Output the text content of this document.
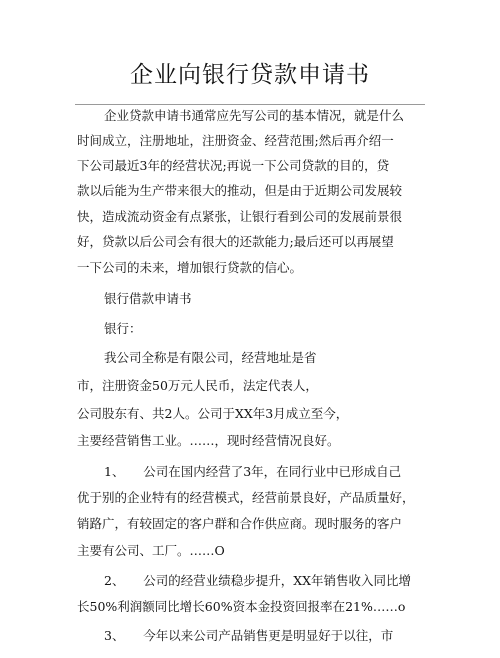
企业向银行贷款申请书
企业贷款申请书通常应先写公司的基本情况，就是什么
时间成立，注册地址，注册资金、经营范围;然后再介绍一
下公司最近3年的经营状况;再说一下公司贷款的目的，贷
款以后能为生产带来很大的推动，但是由于近期公司发展较
快，造成流动资金有点紧张，让银行看到公司的发展前景很
好，贷款以后公司会有很大的还款能力;最后还可以再展望
一下公司的未来，增加银行贷款的信心。
银行借款申请书
银行：
我公司全称是有限公司，经营地址是省
市，注册资金50万元人民币，法定代表人，
公司股东有、共2人。公司于XX年3月成立至今，
主要经营销售工业。……，现时经营情况良好。
1、　　公司在国内经营了3年，在同行业中已形成自己
优于别的企业特有的经营模式，经营前景良好，产品质量好，
销路广，有较固定的客户群和合作供应商。现时服务的客户
主要有公司、工厂。……O
2、　　公司的经营业绩稳步提升，XX年销售收入同比增
长50%利润额同比增长60%资本金投资回报率在21%……o
3、　　今年以来公司产品销售更是明显好于以往，市
